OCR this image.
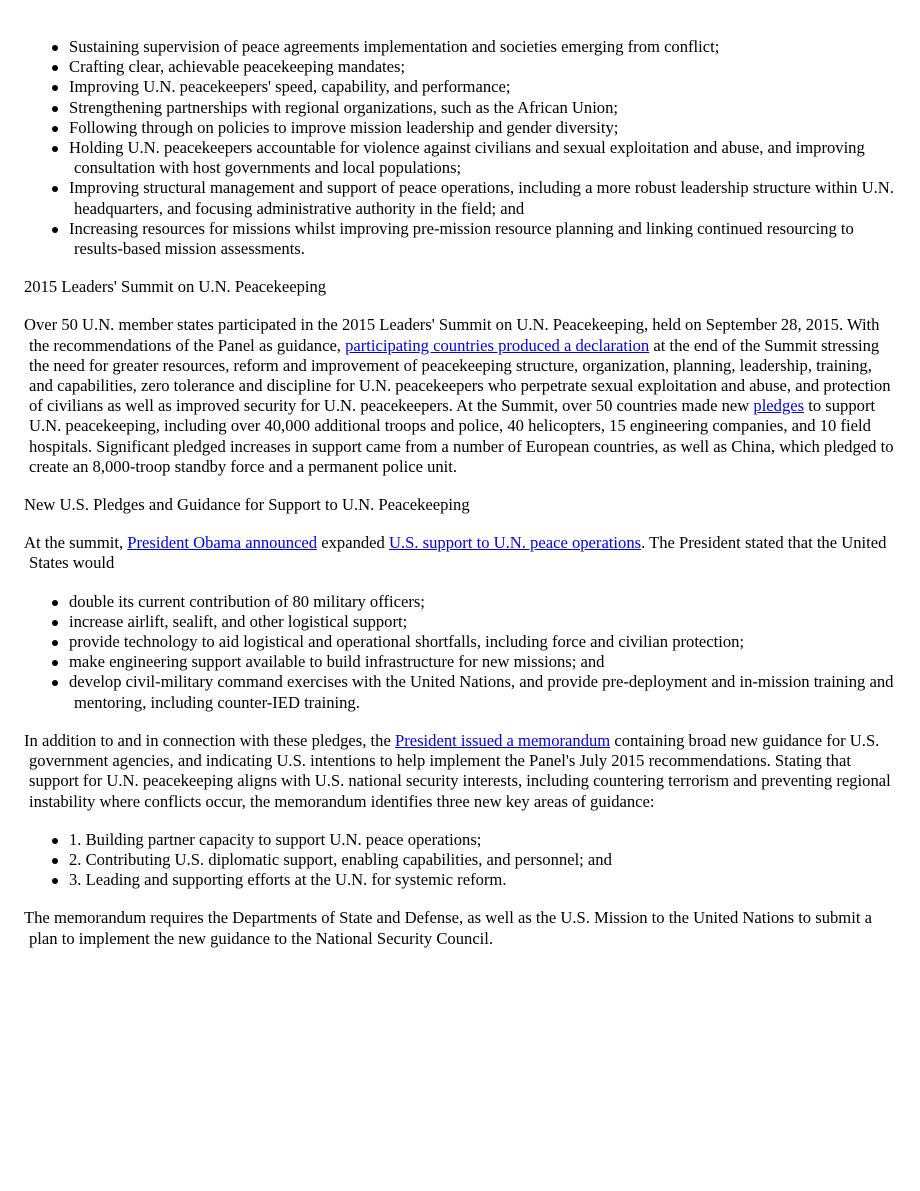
Sustaining supervision of peace agreements implementation and societies emerging from conflict;
Crafting clear, achievable peacekeeping mandates;
Improving U.N. peacekeepers' speed, capability, and performance;
Strengthening partnerships with regional organizations, such as the African Union;
Following through on policies to improve mission leadership and gender diversity;
Holding U.N. peacekeepers accountable for violence against civilians and sexual exploitation and abuse, and improving consultation with host governments and local populations;
Improving structural management and support of peace operations, including a more robust leadership structure within U.N. headquarters, and focusing administrative authority in the field; and
Increasing resources for missions whilst improving pre-mission resource planning and linking continued resourcing to results-based mission assessments.

2015 Leaders' Summit on U.N. Peacekeeping

Over 50 U.N. member states participated in the 2015 Leaders' Summit on U.N. Peacekeeping, held on September 28, 2015. With the recommendations of the Panel as guidance, participating countries produced a declaration at the end of the Summit stressing the need for greater resources, reform and improvement of peacekeeping structure, organization, planning, leadership, training, and capabilities, zero tolerance and discipline for U.N. peacekeepers who perpetrate sexual exploitation and abuse, and protection of civilians as well as improved security for U.N. peacekeepers. At the Summit, over 50 countries made new pledges to support U.N. peacekeeping, including over 40,000 additional troops and police, 40 helicopters, 15 engineering companies, and 10 field hospitals. Significant pledged increases in support came from a number of European countries, as well as China, which pledged to create an 8,000-troop standby force and a permanent police unit.

New U.S. Pledges and Guidance for Support to U.N. Peacekeeping

At the summit, President Obama announced expanded U.S. support to U.N. peace operations. The President stated that the United States would

double its current contribution of 80 military officers;
increase airlift, sealift, and other logistical support;
provide technology to aid logistical and operational shortfalls, including force and civilian protection;
make engineering support available to build infrastructure for new missions; and
develop civil-military command exercises with the United Nations, and provide pre-deployment and in-mission training and mentoring, including counter-IED training.

In addition to and in connection with these pledges, the President issued a memorandum containing broad new guidance for U.S. government agencies, and indicating U.S. intentions to help implement the Panel's July 2015 recommendations. Stating that support for U.N. peacekeeping aligns with U.S. national security interests, including countering terrorism and preventing regional instability where conflicts occur, the memorandum identifies three new key areas of guidance:

1. Building partner capacity to support U.N. peace operations;
2. Contributing U.S. diplomatic support, enabling capabilities, and personnel; and
3. Leading and supporting efforts at the U.N. for systemic reform.

The memorandum requires the Departments of State and Defense, as well as the U.S. Mission to the United Nations to submit a plan to implement the new guidance to the National Security Council.
